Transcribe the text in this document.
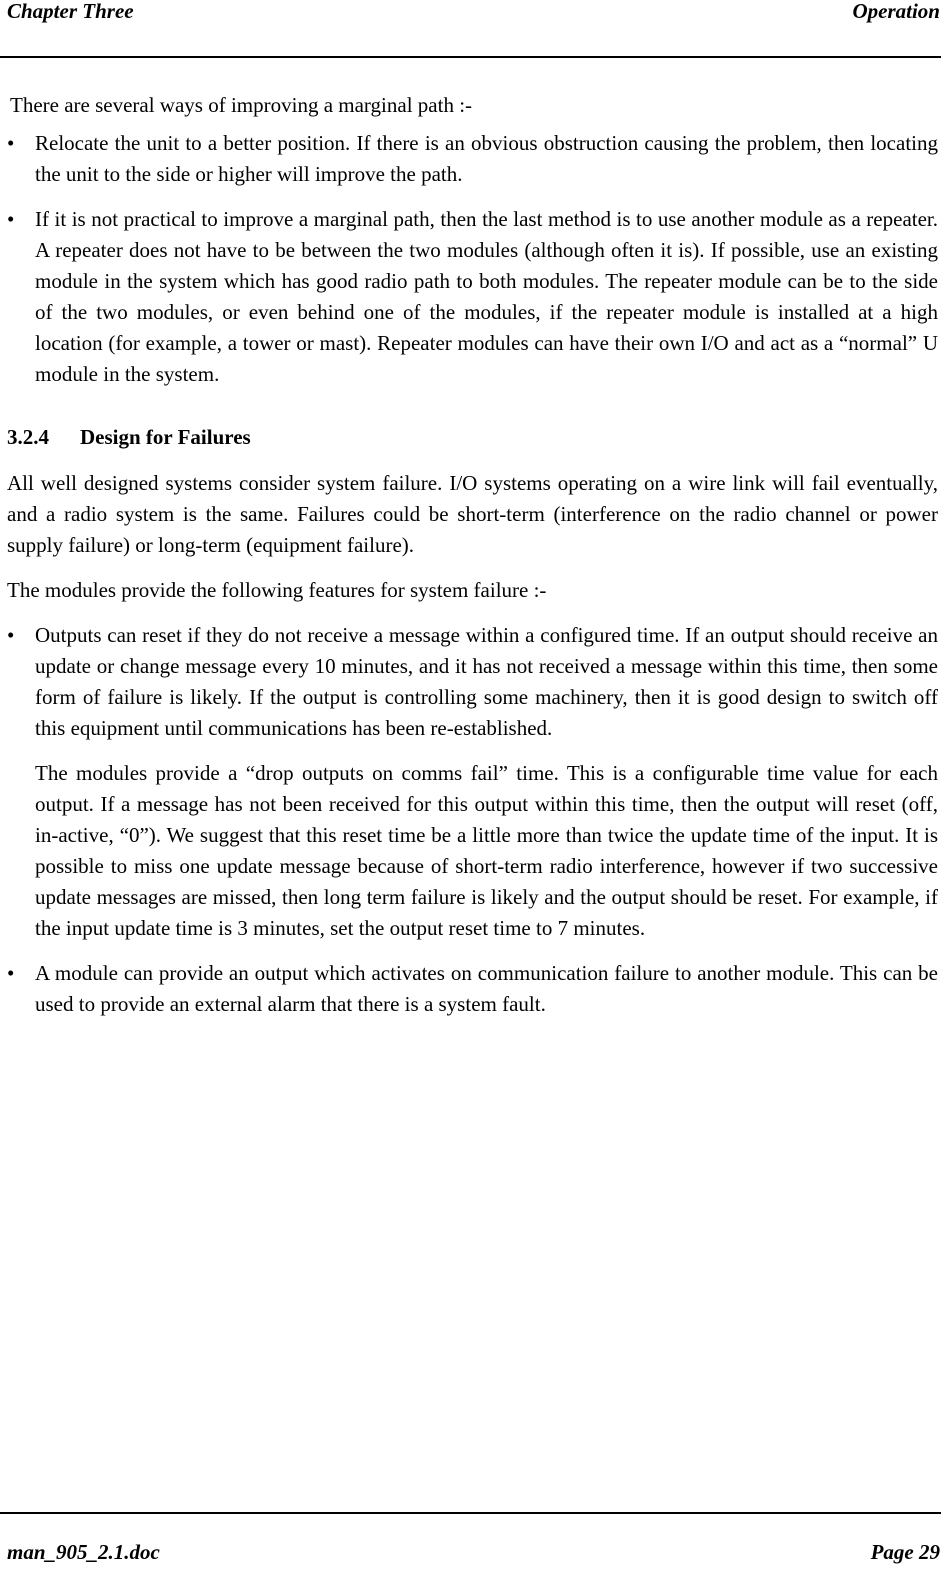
Chapter Three	Operation

There are several ways of improving a marginal path :-

• Relocate the unit to a better position. If there is an obvious obstruction causing the problem, then locating the unit to the side or higher will improve the path.
• If it is not practical to improve a marginal path, then the last method is to use another module as a repeater. A repeater does not have to be between the two modules (although often it is). If possible, use an existing module in the system which has good radio path to both modules. The repeater module can be to the side of the two modules, or even behind one of the modules, if the repeater module is installed at a high location (for example, a tower or mast). Repeater modules can have their own I/O and act as a “normal” U module in the system.
3.2.4 Design for Failures

All well designed systems consider system failure. I/O systems operating on a wire link will fail eventually, and a radio system is the same. Failures could be short-term (interference on the radio channel or power supply failure) or long-term (equipment failure).

The modules provide the following features for system failure :-

• Outputs can reset if they do not receive a message within a configured time. If an output should receive an update or change message every 10 minutes, and it has not received a message within this time, then some form of failure is likely. If the output is controlling some machinery, then it is good design to switch off this equipment until communications has been re-established.

The modules provide a “drop outputs on comms fail” time. This is a configurable time value for each output. If a message has not been received for this output within this time, then the output will reset (off, in-active, “0”). We suggest that this reset time be a little more than twice the update time of the input. It is possible to miss one update message because of short-term radio interference, however if two successive update messages are missed, then long term failure is likely and the output should be reset. For example, if the input update time is 3 minutes, set the output reset time to 7 minutes.

• A module can provide an output which activates on communication failure to another module. This can be used to provide an external alarm that there is a system fault.
man_905_2.1.doc	Page 29
